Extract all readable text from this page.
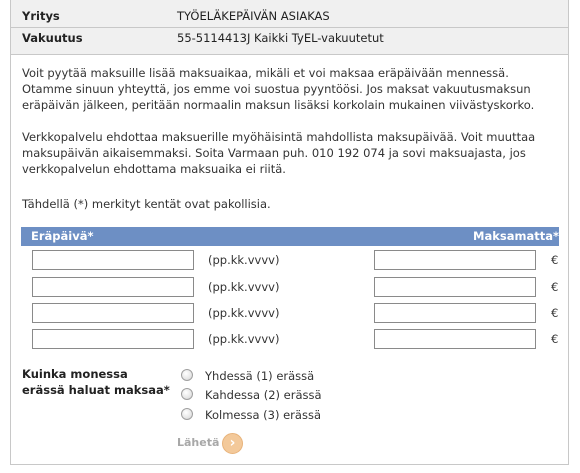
Yritys	TYÖELÄKEPÄIVÄN ASIAKAS
Vakuutus	55-5114413J Kaikki TyEL-vakuutetut

Voit pyytää maksuille lisää maksuaikaa, mikäli et voi maksaa eräpäivään mennessä. Otamme sinuun yhteyttä, jos emme voi suostua pyyntöösi. Jos maksat vakuutusmaksun eräpäivän jälkeen, peritään normaalin maksun lisäksi korkolain mukainen viivästyskorko.

Verkkopalvelu ehdottaa maksuerille myöhäisintä mahdollista maksupäivää. Voit muuttaa maksupäivän aikaisemmaksi. Soita Varmaan puh. 010 192 074 ja sovi maksuajasta, jos verkkopalvelun ehdottama maksuaika ei riitä.

Tähdellä (*) merkityt kentät ovat pakollisia.

Eräpäivä*	Maksamatta*
(pp.kk.vvvv)	€
(pp.kk.vvvv)	€
(pp.kk.vvvv)	€
(pp.kk.vvvv)	€
Kuinka monessa erässä haluat maksaa*
Yhdessä (1) erässä
Kahdessa (2) erässä
Kolmessa (3) erässä
Lähetä ›
